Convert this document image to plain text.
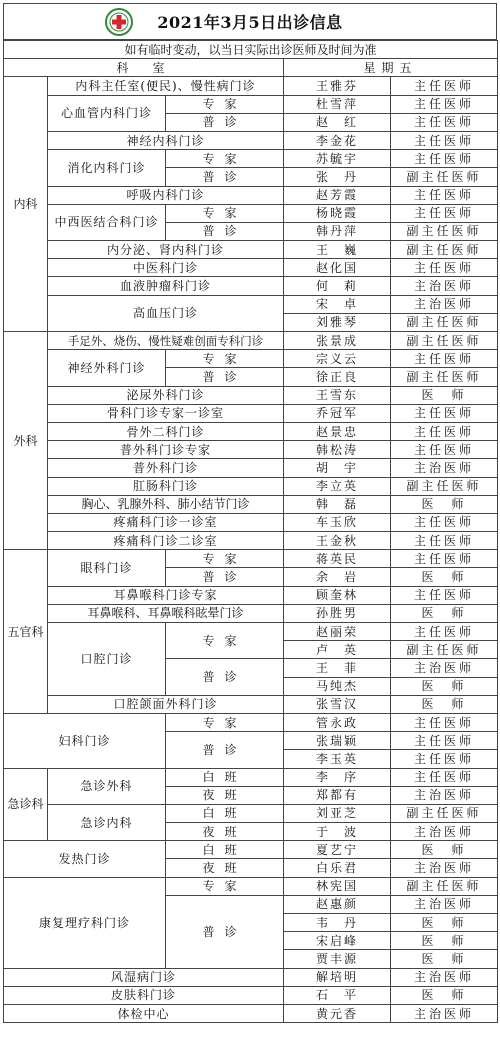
2021年3月5日出诊信息
如有临时变动，以当日实际出诊医师及时间为准				
科　室			星期五	
内科	内科主任室(便民)、慢性病门诊		王雅芬	主任医师
	心血管内科门诊	专家	杜雪萍	主任医师
		普诊	赵　红	主任医师
	神经内科门诊		李金花	主任医师
	消化内科门诊	专家	苏毓宇	主任医师
		普诊	张　丹	副主任医师
	呼吸内科门诊		赵芳霞	主任医师
	中西医结合科门诊	专家	杨晓霞	主任医师
		普诊	韩丹萍	副主任医师
	内分泌、肾内科门诊		王　巍	副主任医师
	中医科门诊		赵化国	主任医师
	血液肿瘤科门诊		何　莉	主治医师
	高血压门诊		宋　卓	主治医师
			刘雅琴	副主任医师
外科	手足外、烧伤、慢性疑难创面专科门诊		张景成	副主任医师
	神经外科门诊	专家	宗义云	主任医师
		普诊	徐正良	副主任医师
	泌尿外科门诊		王雪东	医　师
	骨科门诊专家一诊室		乔冠军	主任医师
	骨外二科门诊		赵景忠	主任医师
	普外科门诊专家		韩松涛	主任医师
	普外科门诊		胡　宇	主治医师
	肛肠科门诊		李立英	副主任医师
	胸心、乳腺外科、肺小结节门诊		韩　磊	医　师
	疼痛科门诊一诊室		车玉欣	主任医师
	疼痛科门诊二诊室		王金秋	主任医师
五官科	眼科门诊	专家	蒋英民	主任医师
		普诊	余　岩	医　师
	耳鼻喉科门诊专家		顾奎林	主任医师
	耳鼻喉科、耳鼻喉科眩晕门诊		孙胜男	医　师
	口腔门诊	专家	赵丽荣	主任医师
			卢　英	副主任医师
		普诊	王　菲	主治医师
			马纯杰	医　师
	口腔颌面外科门诊		张雪汉	医　师
妇科门诊		专家	管永政	主任医师
		普诊	张瑞颖	主任医师
			李玉英	主任医师
急诊科	急诊外科	白班	李　序	主任医师
		夜班	郑都有	主治医师
	急诊内科	白班	刘亚芝	副主任医师
		夜班	于　波	主治医师
发热门诊		白班	夏艺宁	医　师
		夜班	白乐君	主治医师
康复理疗科门诊		专家	林宪国	副主任医师
		普诊	赵惠颜	主治医师
			韦　丹	医　师
			宋启峰	医　师
			贾丰源	医　师
风湿病门诊			解培明	主治医师
皮肤科门诊			石　平	医　师
体检中心			黄元香	主治医师
